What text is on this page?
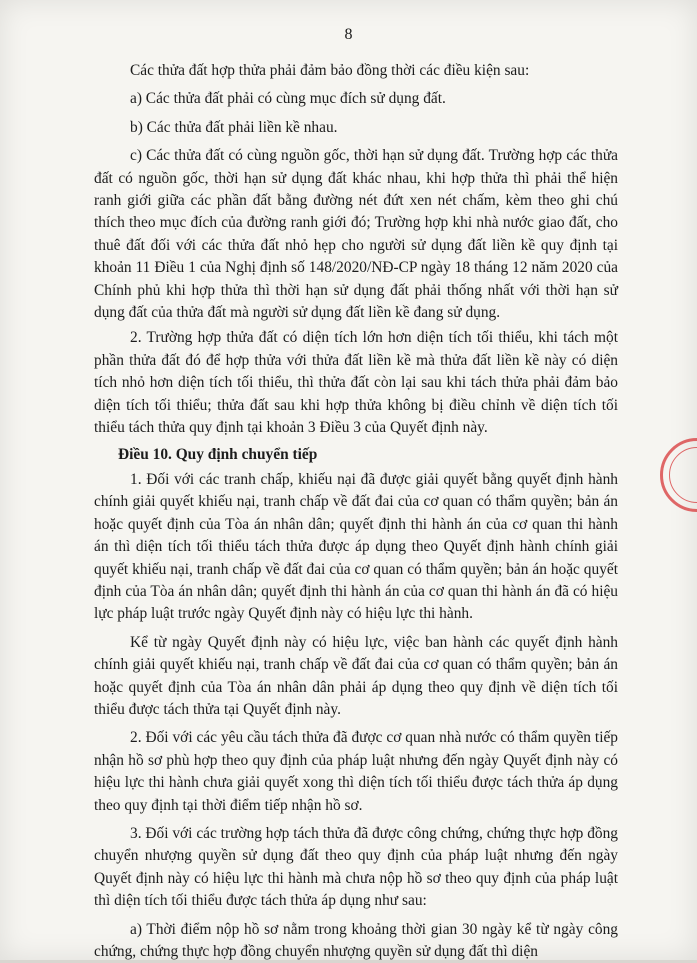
8

Các thửa đất hợp thửa phải đảm bảo đồng thời các điều kiện sau:

a) Các thửa đất phải có cùng mục đích sử dụng đất.

b) Các thửa đất phải liền kề nhau.

c) Các thửa đất có cùng nguồn gốc, thời hạn sử dụng đất. Trường hợp các thửa đất có nguồn gốc, thời hạn sử dụng đất khác nhau, khi hợp thửa thì phải thể hiện ranh giới giữa các phần đất bằng đường nét đứt xen nét chấm, kèm theo ghi chú thích theo mục đích của đường ranh giới đó; Trường hợp khi nhà nước giao đất, cho thuê đất đối với các thửa đất nhỏ hẹp cho người sử dụng đất liền kề quy định tại khoản 11 Điều 1 của Nghị định số 148/2020/NĐ-CP ngày 18 tháng 12 năm 2020 của Chính phủ khi hợp thửa thì thời hạn sử dụng đất phải thống nhất với thời hạn sử dụng đất của thửa đất mà người sử dụng đất liền kề đang sử dụng.

2. Trường hợp thửa đất có diện tích lớn hơn diện tích tối thiểu, khi tách một phần thửa đất đó để hợp thửa với thửa đất liền kề mà thửa đất liền kề này có diện tích nhỏ hơn diện tích tối thiểu, thì thửa đất còn lại sau khi tách thửa phải đảm bảo diện tích tối thiểu; thửa đất sau khi hợp thửa không bị điều chỉnh về diện tích tối thiểu tách thửa quy định tại khoản 3 Điều 3 của Quyết định này.

Điều 10. Quy định chuyển tiếp

1. Đối với các tranh chấp, khiếu nại đã được giải quyết bằng quyết định hành chính giải quyết khiếu nại, tranh chấp về đất đai của cơ quan có thẩm quyền; bản án hoặc quyết định của Tòa án nhân dân; quyết định thi hành án của cơ quan thi hành án thì diện tích tối thiểu tách thửa được áp dụng theo Quyết định hành chính giải quyết khiếu nại, tranh chấp về đất đai của cơ quan có thẩm quyền; bản án hoặc quyết định của Tòa án nhân dân; quyết định thi hành án của cơ quan thi hành án đã có hiệu lực pháp luật trước ngày Quyết định này có hiệu lực thi hành.

Kể từ ngày Quyết định này có hiệu lực, việc ban hành các quyết định hành chính giải quyết khiếu nại, tranh chấp về đất đai của cơ quan có thẩm quyền; bản án hoặc quyết định của Tòa án nhân dân phải áp dụng theo quy định về diện tích tối thiểu được tách thửa tại Quyết định này.

2. Đối với các yêu cầu tách thửa đã được cơ quan nhà nước có thẩm quyền tiếp nhận hồ sơ phù hợp theo quy định của pháp luật nhưng đến ngày Quyết định này có hiệu lực thi hành chưa giải quyết xong thì diện tích tối thiểu được tách thửa áp dụng theo quy định tại thời điểm tiếp nhận hồ sơ.

3. Đối với các trường hợp tách thửa đã được công chứng, chứng thực hợp đồng chuyển nhượng quyền sử dụng đất theo quy định của pháp luật nhưng đến ngày Quyết định này có hiệu lực thi hành mà chưa nộp hồ sơ theo quy định của pháp luật thì diện tích tối thiểu được tách thửa áp dụng như sau:

a) Thời điểm nộp hồ sơ nằm trong khoảng thời gian 30 ngày kể từ ngày công chứng, chứng thực hợp đồng chuyển nhượng quyền sử dụng đất thì diện
